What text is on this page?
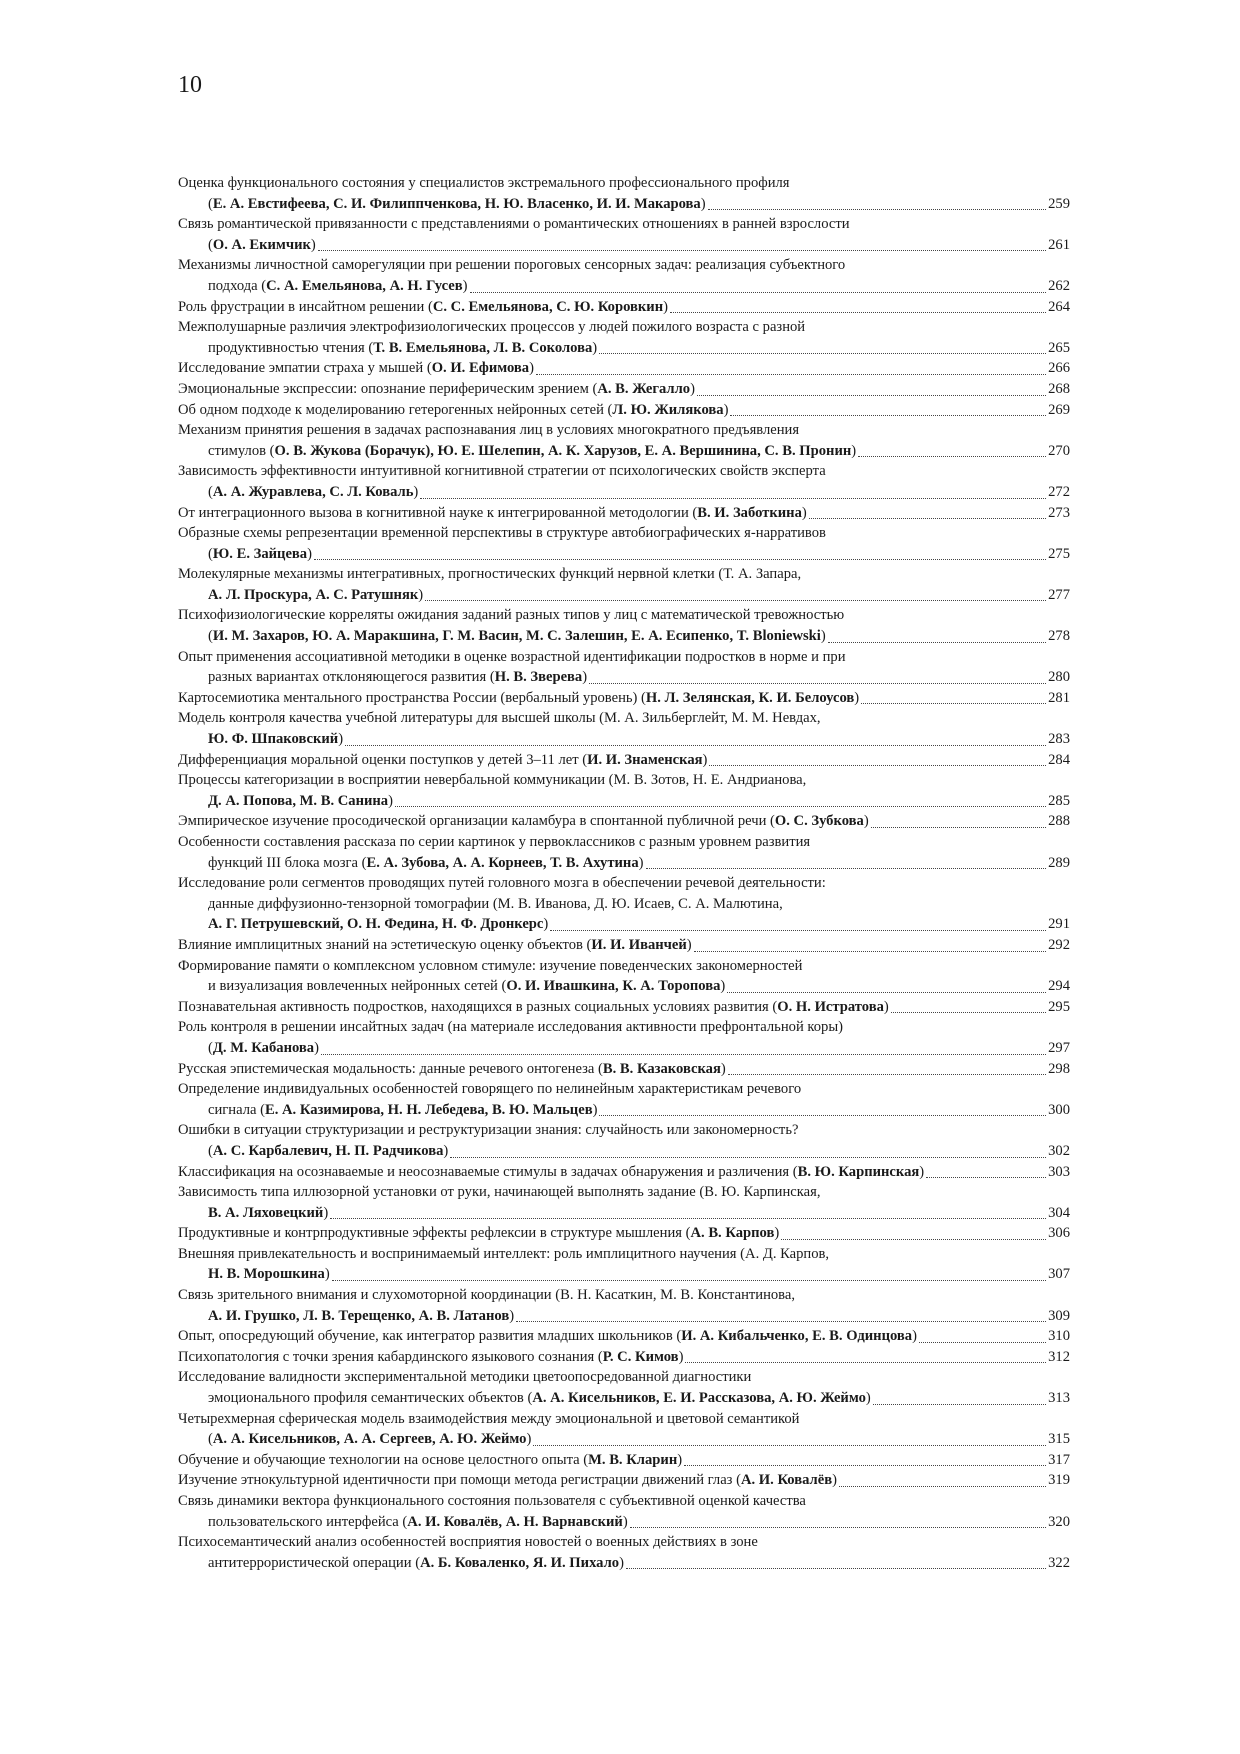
10
Оценка функционального состояния у специалистов экстремального профессионального профиля
(Е. А. Евстифеева, С. И. Филиппченкова, Н. Ю. Власенко, И. И. Макарова)	259
Связь романтической привязанности с представлениями о романтических отношениях в ранней взрослости
(О. А. Екимчик)	261
Механизмы личностной саморегуляции при решении пороговых сенсорных задач: реализация субъектного
подхода (С. А. Емельянова, А. Н. Гусев)	262
Роль фрустрации в инсайтном решении (С. С. Емельянова, С. Ю. Коровкин)	264
Межполушарные различия электрофизиологических процессов у людей пожилого возраста с разной
продуктивностью чтения (Т. В. Емельянова, Л. В. Соколова)	265
Исследование эмпатии страха у мышей (О. И. Ефимова)	266
Эмоциональные экспрессии: опознание периферическим зрением (А. В. Жегалло)	268
Об одном подходе к моделированию гетерогенных нейронных сетей (Л. Ю. Жилякова)	269
Механизм принятия решения в задачах распознавания лиц в условиях многократного предъявления
стимулов (О. В. Жукова (Борачук), Ю. Е. Шелепин, А. К. Харузов, Е. А. Вершинина, С. В. Пронин)	270
Зависимость эффективности интуитивной когнитивной стратегии от психологических свойств эксперта
(А. А. Журавлева, С. Л. Коваль)	272
От интеграционного вызова в когнитивной науке к интегрированной методологии (В. И. Заботкина)	273
Образные схемы репрезентации временной перспективы в структуре автобиографических я-нарративов
(Ю. Е. Зайцева)	275
Молекулярные механизмы интегративных, прогностических функций нервной клетки (Т. А. Запара,
А. Л. Проскура, А. С. Ратушняк)	277
Психофизиологические корреляты ожидания заданий разных типов у лиц с математической тревожностью
(И. М. Захаров, Ю. А. Маракшина, Г. М. Васин, М. С. Залешин, Е. А. Есипенко, T. Bloniewski)	278
Опыт применения ассоциативной методики в оценке возрастной идентификации подростков в норме и при
разных вариантах отклоняющегося развития (Н. В. Зверева)	280
Картосемиотика ментального пространства России (вербальный уровень) (Н. Л. Зелянская, К. И. Белоусов)	281
Модель контроля качества учебной литературы для высшей школы (М. А. Зильберглейт, М. М. Невдах,
Ю. Ф. Шпаковский)	283
Дифференциация моральной оценки поступков у детей 3–11 лет (И. И. Знаменская)	284
Процессы категоризации в восприятии невербальной коммуникации (М. В. Зотов, Н. Е. Андрианова,
Д. А. Попова, М. В. Санина)	285
Эмпирическое изучение просодической организации каламбура в спонтанной публичной речи (О. С. Зубкова)	288
Особенности составления рассказа по серии картинок у первоклассников с разным уровнем развития
функций III блока мозга (Е. А. Зубова, А. А. Корнеев, Т. В. Ахутина)	289
Исследование роли сегментов проводящих путей головного мозга в обеспечении речевой деятельности:
данные диффузионно-тензорной томографии (М. В. Иванова, Д. Ю. Исаев, С. А. Малютина,
А. Г. Петрушевский, О. Н. Федина, Н. Ф. Дронкерс)	291
Влияние имплицитных знаний на эстетическую оценку объектов (И. И. Иванчей)	292
Формирование памяти о комплексном условном стимуле: изучение поведенческих закономерностей
и визуализация вовлеченных нейронных сетей (О. И. Ивашкина, К. А. Торопова)	294
Познавательная активность подростков, находящихся в разных социальных условиях развития (О. Н. Истратова)	295
Роль контроля в решении инсайтных задач (на материале исследования активности префронтальной коры)
(Д. М. Кабанова)	297
Русская эпистемическая модальность: данные речевого онтогенеза (В. В. Казаковская)	298
Определение индивидуальных особенностей говорящего по нелинейным характеристикам речевого
сигнала (Е. А. Казимирова, Н. Н. Лебедева, В. Ю. Мальцев)	300
Ошибки в ситуации структуризации и реструктуризации знания: случайность или закономерность?
(А. С. Карбалевич, Н. П. Радчикова)	302
Классификация на осознаваемые и неосознаваемые стимулы в задачах обнаружения и различения (В. Ю. Карпинская)	303
Зависимость типа иллюзорной установки от руки, начинающей выполнять задание (В. Ю. Карпинская,
В. А. Ляховецкий)	304
Продуктивные и контрпродуктивные эффекты рефлексии в структуре мышления (А. В. Карпов)	306
Внешняя привлекательность и воспринимаемый интеллект: роль имплицитного научения (А. Д. Карпов,
Н. В. Морошкина)	307
Связь зрительного внимания и слухомоторной координации (В. Н. Касаткин, М. В. Константинова,
А. И. Грушко, Л. В. Терещенко, А. В. Латанов)	309
Опыт, опосредующий обучение, как интегратор развития младших школьников (И. А. Кибальченко, Е. В. Одинцова)	310
Психопатология с точки зрения кабардинского языкового сознания (Р. С. Кимов)	312
Исследование валидности экспериментальной методики цветоопосредованной диагностики
эмоционального профиля семантических объектов (А. А. Кисельников, Е. И. Рассказова, А. Ю. Жеймо)	313
Четырехмерная сферическая модель взаимодействия между эмоциональной и цветовой семантикой
(А. А. Кисельников, А. А. Сергеев, А. Ю. Жеймо)	315
Обучение и обучающие технологии на основе целостного опыта (М. В. Кларин)	317
Изучение этнокультурной идентичности при помощи метода регистрации движений глаз (А. И. Ковалёв)	319
Связь динамики вектора функционального состояния пользователя с субъективной оценкой качества
пользовательского интерфейса (А. И. Ковалёв, А. Н. Варнавский)	320
Психосемантический анализ особенностей восприятия новостей о военных действиях в зоне
антитеррористической операции (А. Б. Коваленко, Я. И. Пихало)	322
